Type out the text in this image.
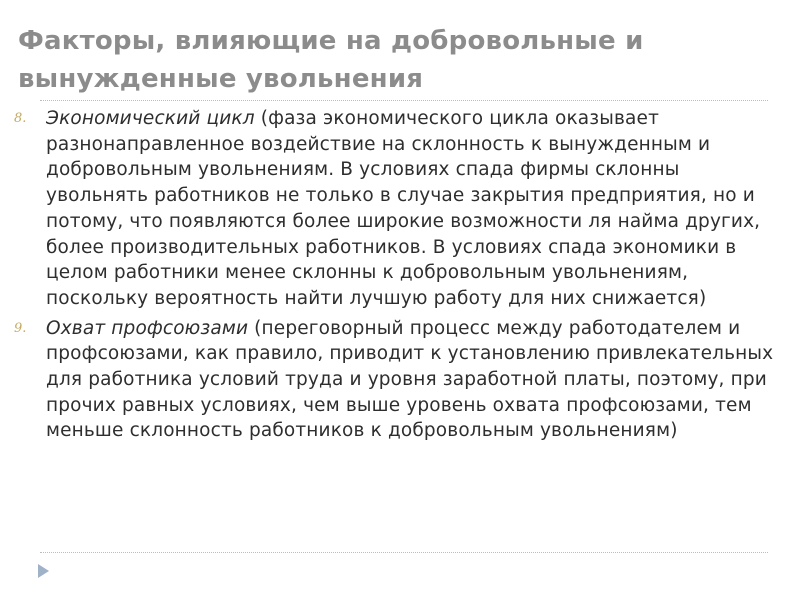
Факторы, влияющие на добровольные и вынужденные увольнения
8.	Экономический цикл (фаза экономического цикла оказывает разнонаправленное воздействие на склонность к вынужденным и добровольным увольнениям. В условиях спада фирмы склонны увольнять работников не только в случае закрытия предприятия, но и потому, что появляются более широкие возможности ля найма других, более производительных работников. В условиях спада экономики в целом работники менее склонны к добровольным увольнениям, поскольку вероятность найти лучшую работу для них снижается)
9.	Охват профсоюзами (переговорный процесс между работодателем и профсоюзами, как правило, приводит к установлению привлекательных для работника условий труда и уровня заработной платы, поэтому, при прочих равных условиях, чем выше уровень охвата профсоюзами, тем меньше склонность работников к добровольным увольнениям)
